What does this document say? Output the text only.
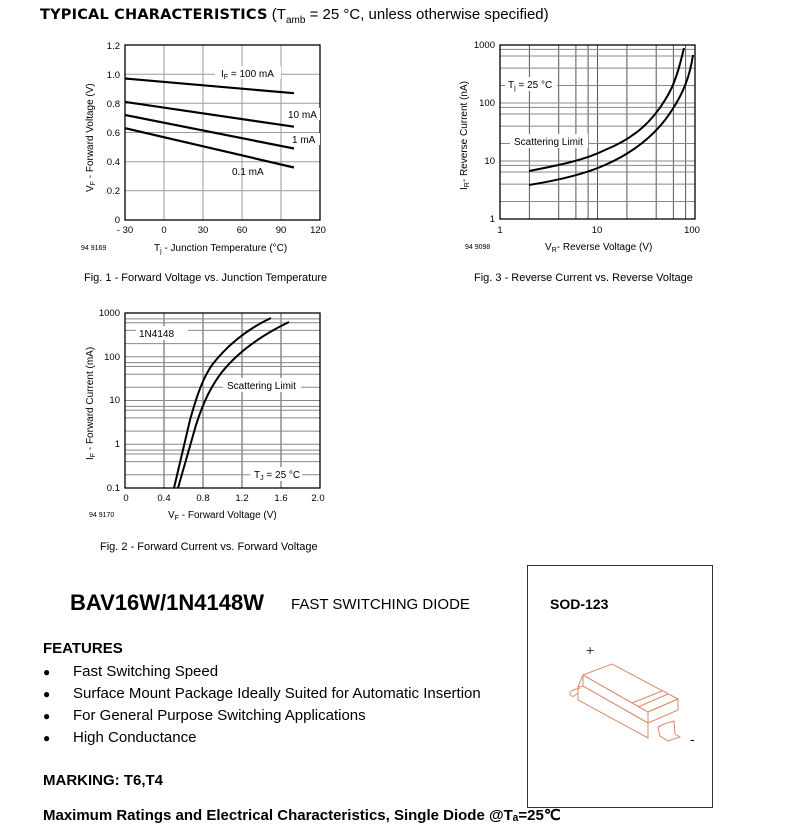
TYPICAL CHARACTERISTICS ($T_{amb} = 25$ °C, unless otherwise specified)
$I_F = 100$ mA
10 mA
1 mA
0.1 mA
0
0.2
0.4
0.6
0.8
1.0
1.2
- 30	0	30	60	90	120
94 9169	$T_j$ - Junction Temperature (°C)
$V_F$ - Forward Voltage (V)	$T_j = 25$ °C
Scattering Limit
1
10
100
1000
1	10	100
94 9098	$V_R-$ Reverse Voltage (V)
$I_R-$ Reverse Current (nA)
1N4148
Scattering Limit
$T_J = 25$ °C
0.1
1
10
100
1000
0	0.4	0.8	1.2	1.6	2.0
94 9170	$V_F$ - Forward Voltage (V)
$I_F$ - Forward Current (mA)
Fig. 1 - Forward Voltage vs. Junction Temperature	Fig. 3 - Reverse Current vs. Reverse Voltage
Fig. 2 - Forward Current vs. Forward Voltage
BAV16W/1N4148W FAST SWITCHING DIODE
FEATURES
● Fast Switching Speed
● Surface Mount Package Ideally Suited for Automatic Insertion
● For General Purpose Switching Applications
● High Conductance
MARKING: T6,T4
Maximum Ratings and Electrical Characteristics, Single Diode @Tₐ=25℃
SOD-123
+
-
